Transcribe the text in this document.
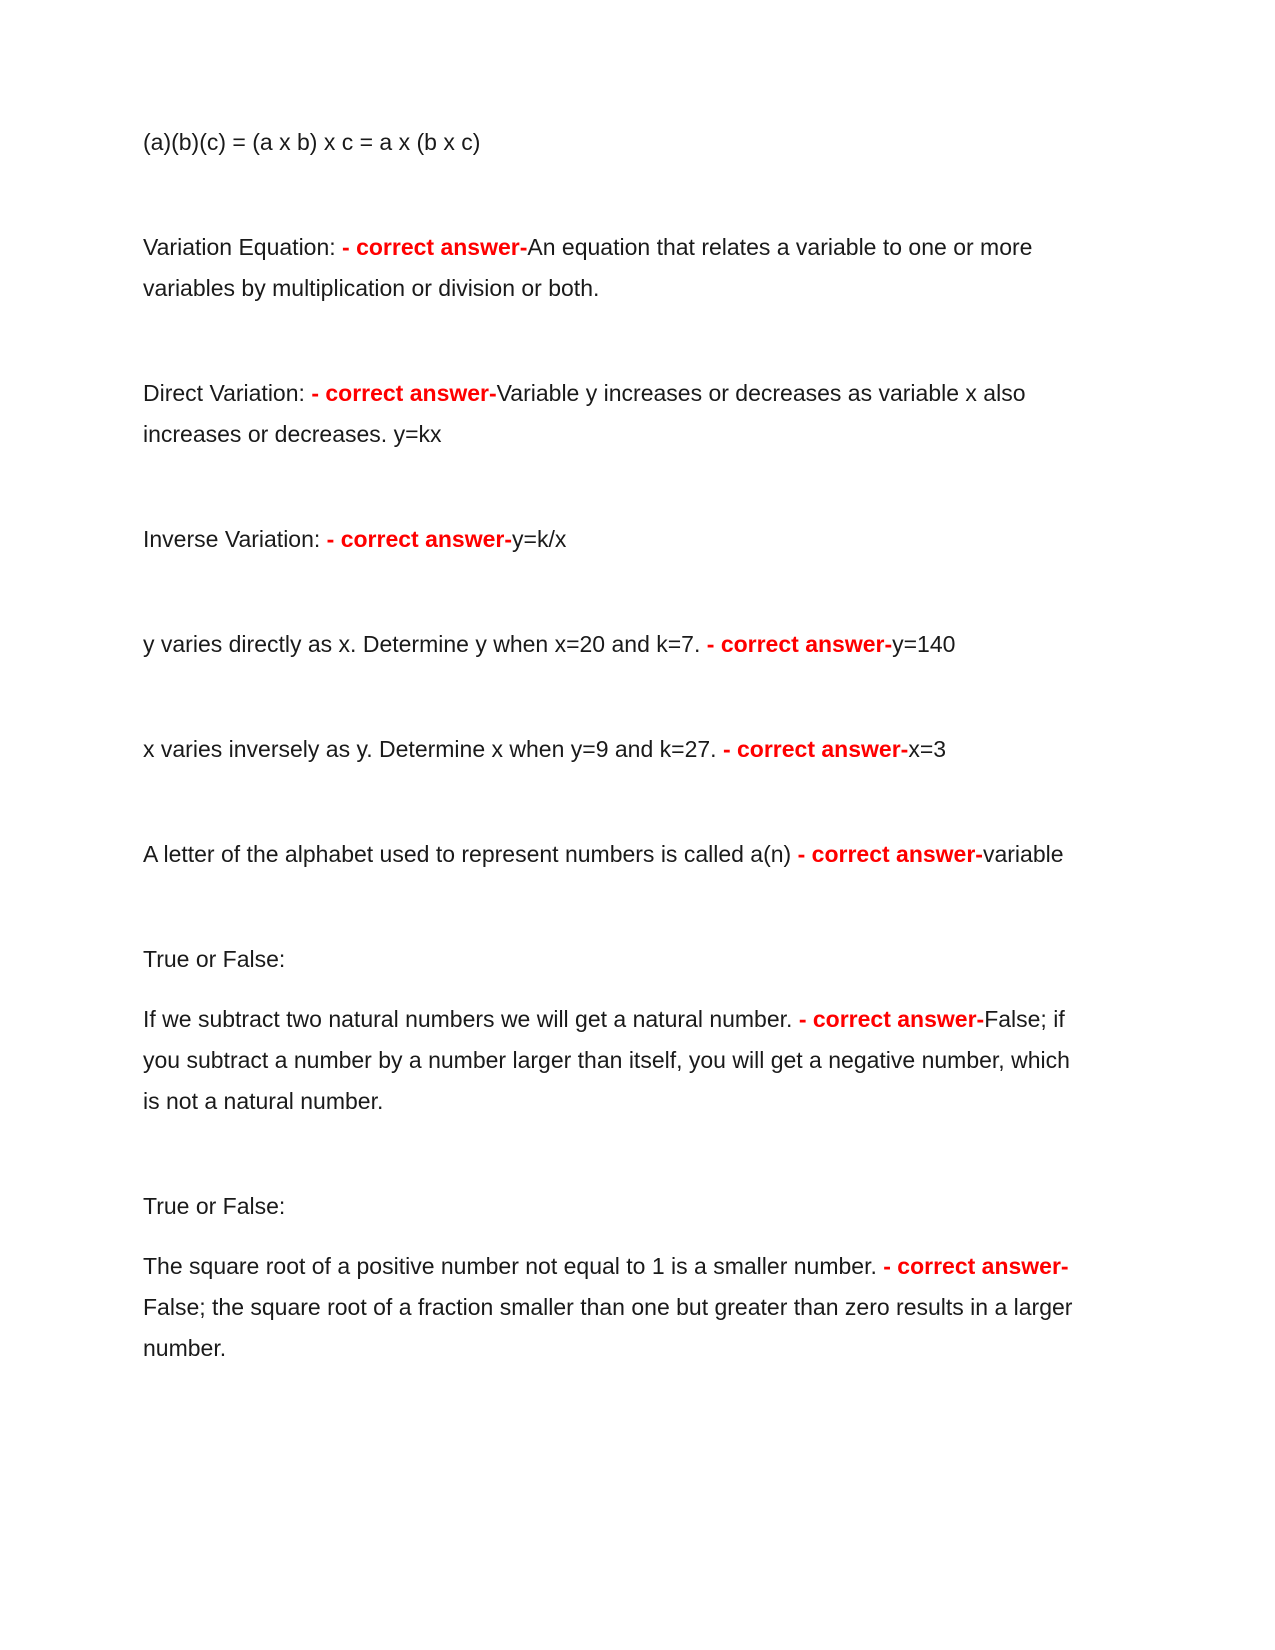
(a)(b)(c) = (a x b) x c = a x (b x c)

Variation Equation: - correct answer-An equation that relates a variable to one or more variables by multiplication or division or both.

Direct Variation: - correct answer-Variable y increases or decreases as variable x also increases or decreases. y=kx

Inverse Variation: - correct answer-y=k/x

y varies directly as x. Determine y when x=20 and k=7. - correct answer-y=140

x varies inversely as y. Determine x when y=9 and k=27. - correct answer-x=3

A letter of the alphabet used to represent numbers is called a(n) - correct answer-variable

True or False:

If we subtract two natural numbers we will get a natural number. - correct answer-False; if you subtract a number by a number larger than itself, you will get a negative number, which is not a natural number.

True or False:

The square root of a positive number not equal to 1 is a smaller number. - correct answer-False; the square root of a fraction smaller than one but greater than zero results in a larger number.
